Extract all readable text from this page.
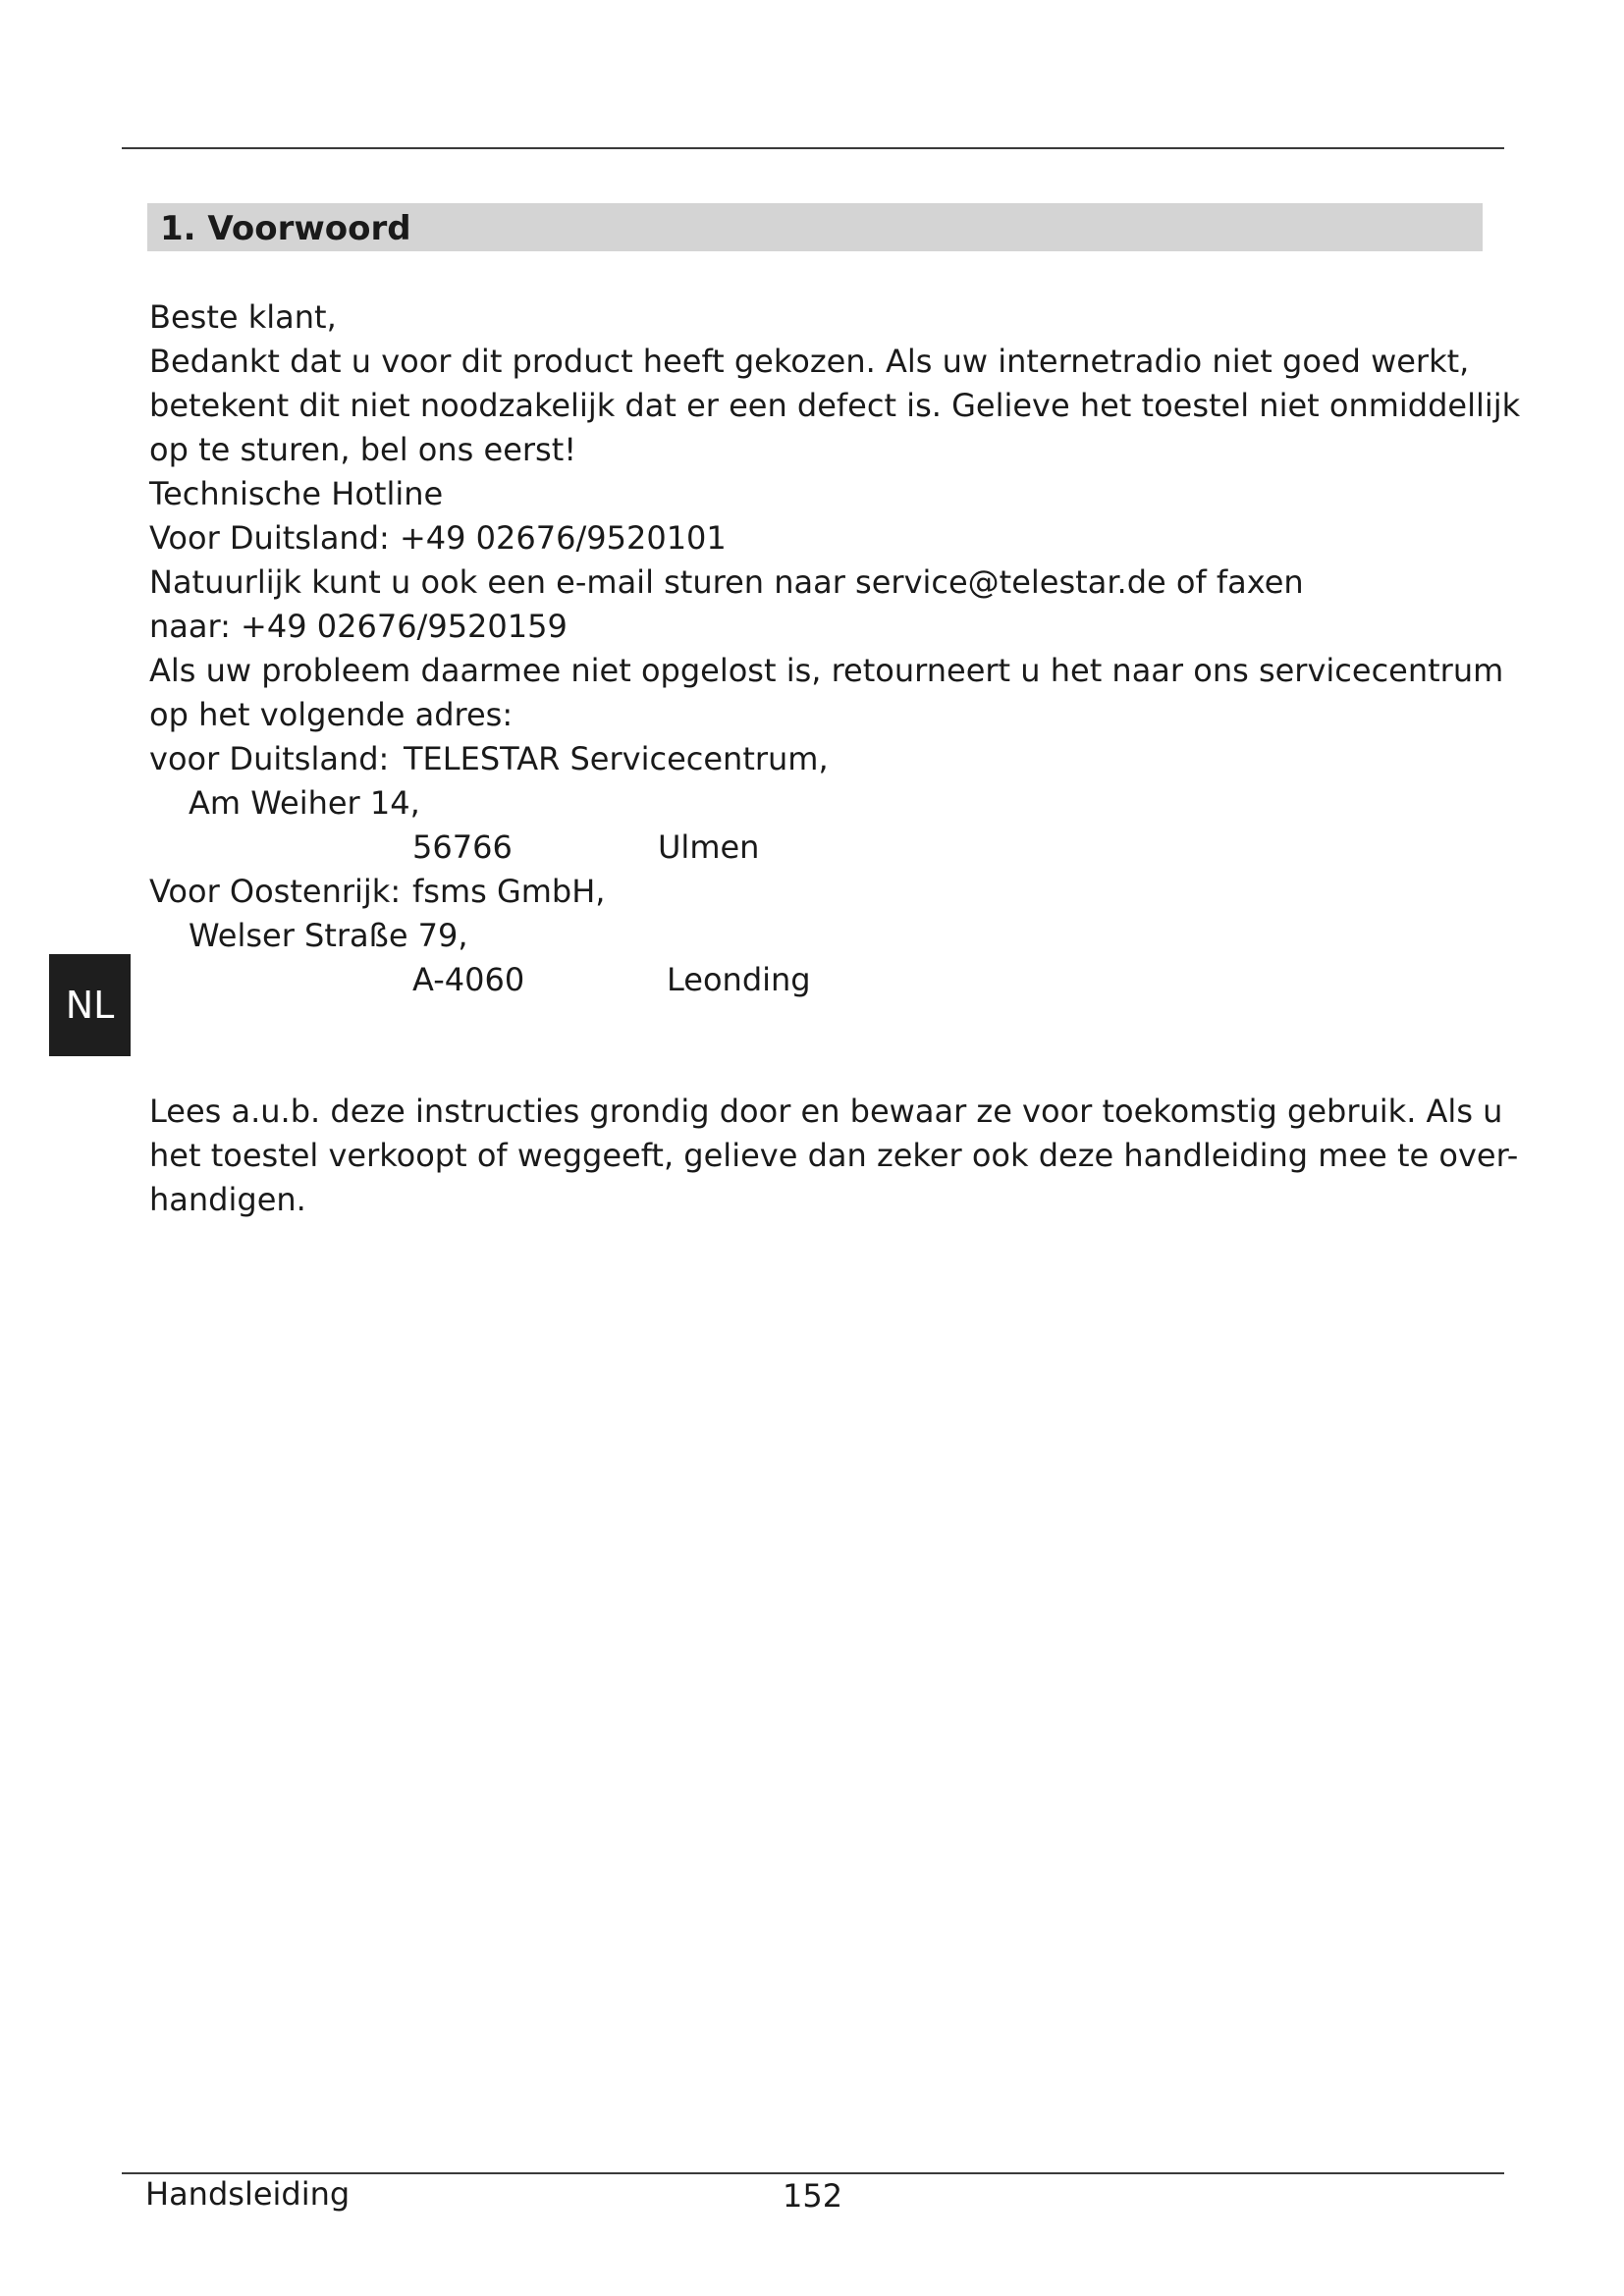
1. Voorwoord
Beste klant,
Bedankt dat u voor dit product heeft gekozen. Als uw internetradio niet goed werkt,
betekent dit niet noodzakelijk dat er een defect is. Gelieve het toestel niet onmiddellijk
op te sturen, bel ons eerst!
Technische Hotline
Voor Duitsland: +49 02676/9520101
Natuurlijk kunt u ook een e-mail sturen naar service@telestar.de of faxen
naar: +49 02676/9520159
Als uw probleem daarmee niet opgelost is, retourneert u het naar ons servicecentrum
op het volgende adres:
voor Duitsland: TELESTAR Servicecentrum,
Am Weiher 14,
56766	Ulmen
Voor Oostenrijk: fsms GmbH,
Welser Straße 79,
A-4060	Leonding
NL
Lees a.u.b. deze instructies grondig door en bewaar ze voor toekomstig gebruik. Als u
het toestel verkoopt of weggeeft, gelieve dan zeker ook deze handleiding mee te over-
handigen.
Handsleiding	152
